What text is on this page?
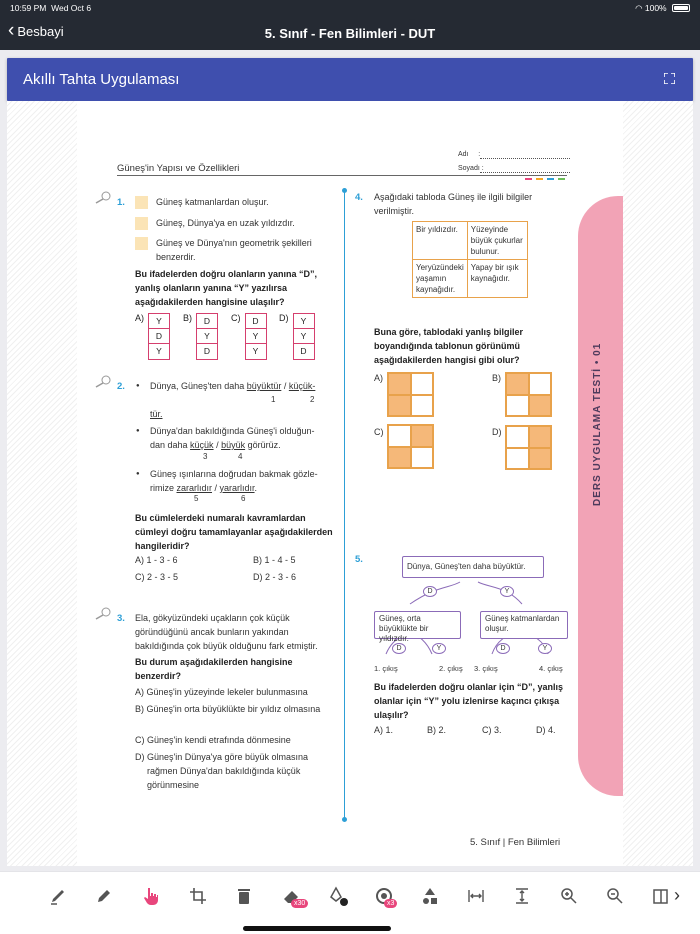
10:59 PM Wed Oct 6	◠ 100%
‹ Besbayi	5. Sınıf - Fen Bilimleri - DUT
Akıllı Tahta Uygulaması
Adı :
Soyadı :
Güneş'in Yapısı ve Özellikleri
1.	Güneş katmanlardan oluşur.
Güneş, Dünya'ya en uzak yıldızdır.
Güneş ve Dünya'nın geometrik şekilleri benzerdir.
Bu ifadelerden doğru olanların yanına “D”, yanlış olanların yanına “Y” yazılırsa aşağıdakilerden hangisine ulaşılır?
A)	Y
D
Y
B)	D
Y
D
C)	D
Y
Y
D)	Y
Y
D
2.	● Dünya, Güneş'ten daha büyüktür / küçük-
1	2
tür.
● Dünya'dan bakıldığında Güneş'i olduğun-
dan daha küçük / büyük görürüz.
3	4
● Güneş ışınlarına doğrudan bakmak gözle-
rimize zararlıdır / yararlıdır.
5	6
Bu cümlelerdeki numaralı kavramlardan cümleyi doğru tamamlayanlar aşağıdakilerden hangileridir?
A) 1 - 3 - 6	B) 1 - 4 - 5
C) 2 - 3 - 5	D) 2 - 3 - 6
3. Ela, gökyüzündeki uçakların çok küçük göründüğünü ancak bunların yakından bakıldığında çok büyük olduğunu fark etmiştir.
Bu durum aşağıdakilerden hangisine benzerdir?
A) Güneş'in yüzeyinde lekeler bulunmasına
B) Güneş'in orta büyüklükte bir yıldız olmasına
C) Güneş'in kendi etrafında dönmesine
D) Güneş'in Dünya'ya göre büyük olmasına rağmen Dünya'dan bakıldığında küçük görünmesine
4. Aşağıdaki tabloda Güneş ile ilgili bilgiler verilmiştir.
Bir yıldızdır.	Yüzeyinde büyük çukurlar bulunur.
Yeryüzündeki yaşamın kaynağıdır.	Yapay bir ışık kaynağıdır.
Buna göre, tablodaki yanlış bilgiler boyandığında tablonun görünümü aşağıdakilerden hangisi gibi olur?
A)	B)
C)	D)
5.
Dünya, Güneş'ten daha büyüktür.
D	Y
Güneş, orta büyüklükte bir yıldızdır.
Güneş katmanlardan oluşur.
D	Y	D	Y
1. çıkış	2. çıkış 3. çıkış	4. çıkış
Bu ifadelerden doğru olanlar için “D”, yanlış olanlar için “Y” yolu izlenirse kaçıncı çıkışa ulaşılır?
A) 1.	B) 2.	C) 3.	D) 4.
DERS UYGULAMA TESTİ • 01
5. Sınıf | Fen Bilimleri
x30	x3	›
